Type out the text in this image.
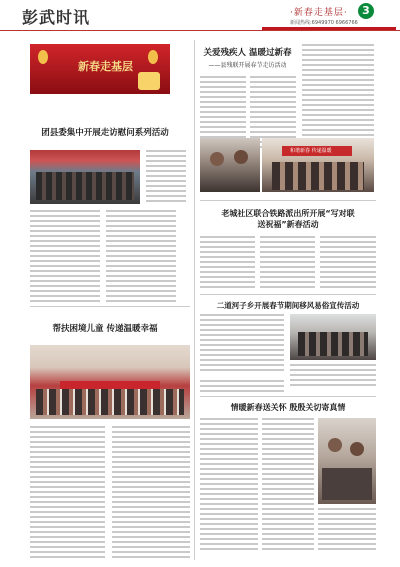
彭武时讯	·新春走基层·	3
新闻热线:6949970 6966766
新春走基层
团县委集中开展走访慰问系列活动
帮扶困境儿童 传递温暖幸福
关爱残疾人 温暖过新春
——县残联开展春节走访活动
和谐新春 传递温暖
老城社区联合铁路派出所开展“写对联 送祝福”新春活动
二道河子乡开展春节期间移风易俗宣传活动
情暖新春送关怀 殷殷关切寄真情
